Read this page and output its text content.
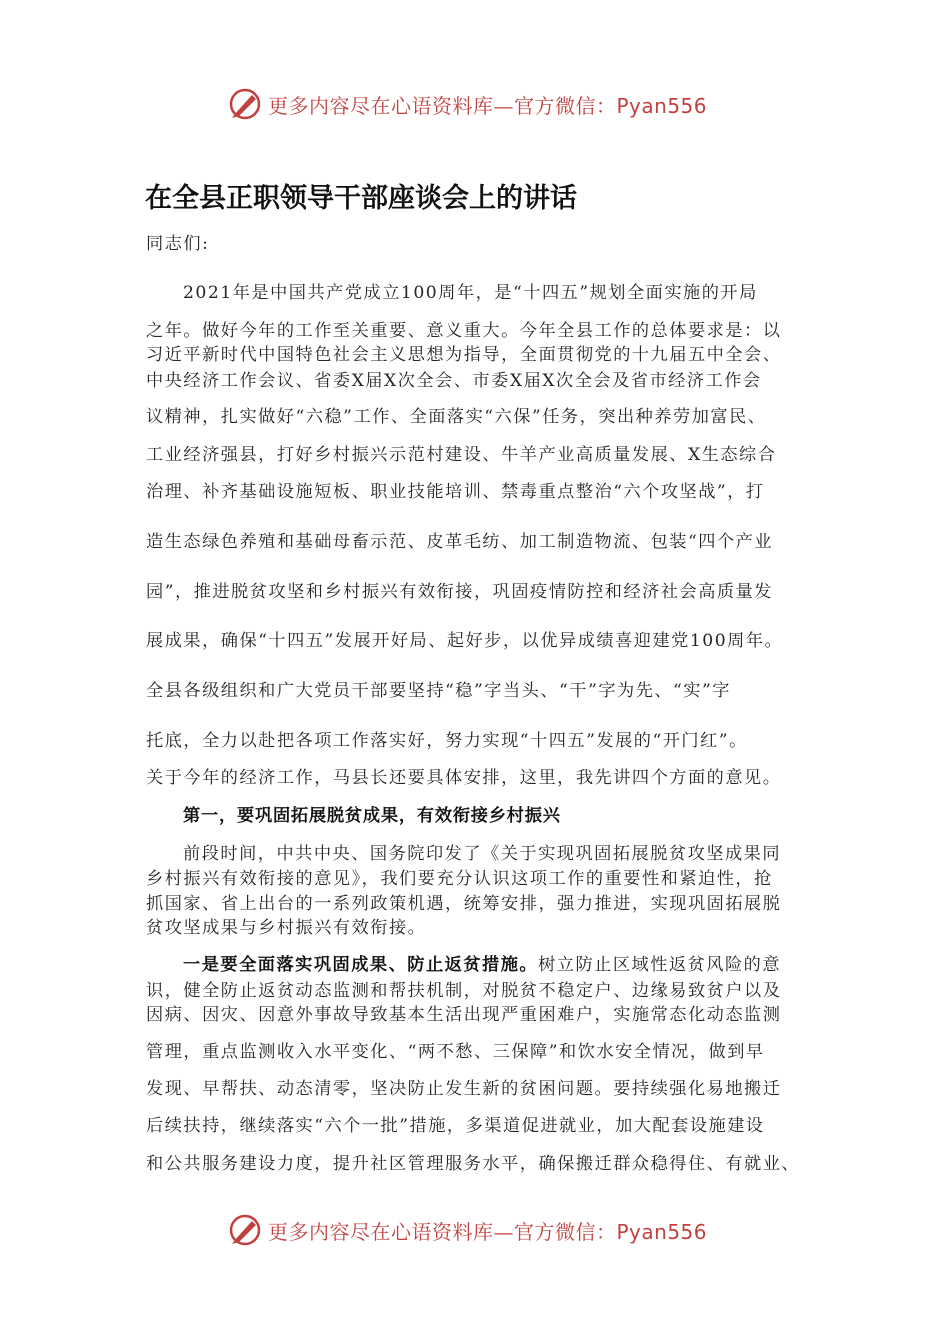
更多内容尽在心语资料库—官方微信：Pyan556
在全县正职领导干部座谈会上的讲话
同志们:
2021年是中国共产党成立100周年，是“十四五”规划全面实施的开局
之年。做好今年的工作至关重要、意义重大。今年全县工作的总体要求是：以
习近平新时代中国特色社会主义思想为指导，全面贯彻党的十九届五中全会、
中央经济工作会议、省委X届X次全会、市委X届X次全会及省市经济工作会
议精神，扎实做好“六稳”工作、全面落实“六保”任务，突出种养劳加富民、
工业经济强县，打好乡村振兴示范村建设、牛羊产业高质量发展、X生态综合
治理、补齐基础设施短板、职业技能培训、禁毒重点整治“六个攻坚战”，打
造生态绿色养殖和基础母畜示范、皮革毛纺、加工制造物流、包装“四个产业
园”，推进脱贫攻坚和乡村振兴有效衔接，巩固疫情防控和经济社会高质量发
展成果，确保“十四五”发展开好局、起好步，以优异成绩喜迎建党100周年。
全县各级组织和广大党员干部要坚持“稳”字当头、“干”字为先、“实”字
托底，全力以赴把各项工作落实好，努力实现“十四五”发展的“开门红”。
关于今年的经济工作，马县长还要具体安排，这里，我先讲四个方面的意见。
第一，要巩固拓展脱贫成果，有效衔接乡村振兴
前段时间，中共中央、国务院印发了《关于实现巩固拓展脱贫攻坚成果同
乡村振兴有效衔接的意见》，我们要充分认识这项工作的重要性和紧迫性，抢
抓国家、省上出台的一系列政策机遇，统筹安排，强力推进，实现巩固拓展脱
贫攻坚成果与乡村振兴有效衔接。
一是要全面落实巩固成果、防止返贫措施。树立防止区域性返贫风险的意
识，健全防止返贫动态监测和帮扶机制，对脱贫不稳定户、边缘易致贫户以及
因病、因灾、因意外事故导致基本生活出现严重困难户，实施常态化动态监测
管理，重点监测收入水平变化、“两不愁、三保障”和饮水安全情况，做到早
发现、早帮扶、动态清零，坚决防止发生新的贫困问题。要持续强化易地搬迁
后续扶持，继续落实“六个一批”措施，多渠道促进就业，加大配套设施建设
和公共服务建设力度，提升社区管理服务水平，确保搬迁群众稳得住、有就业、
更多内容尽在心语资料库—官方微信：Pyan556
